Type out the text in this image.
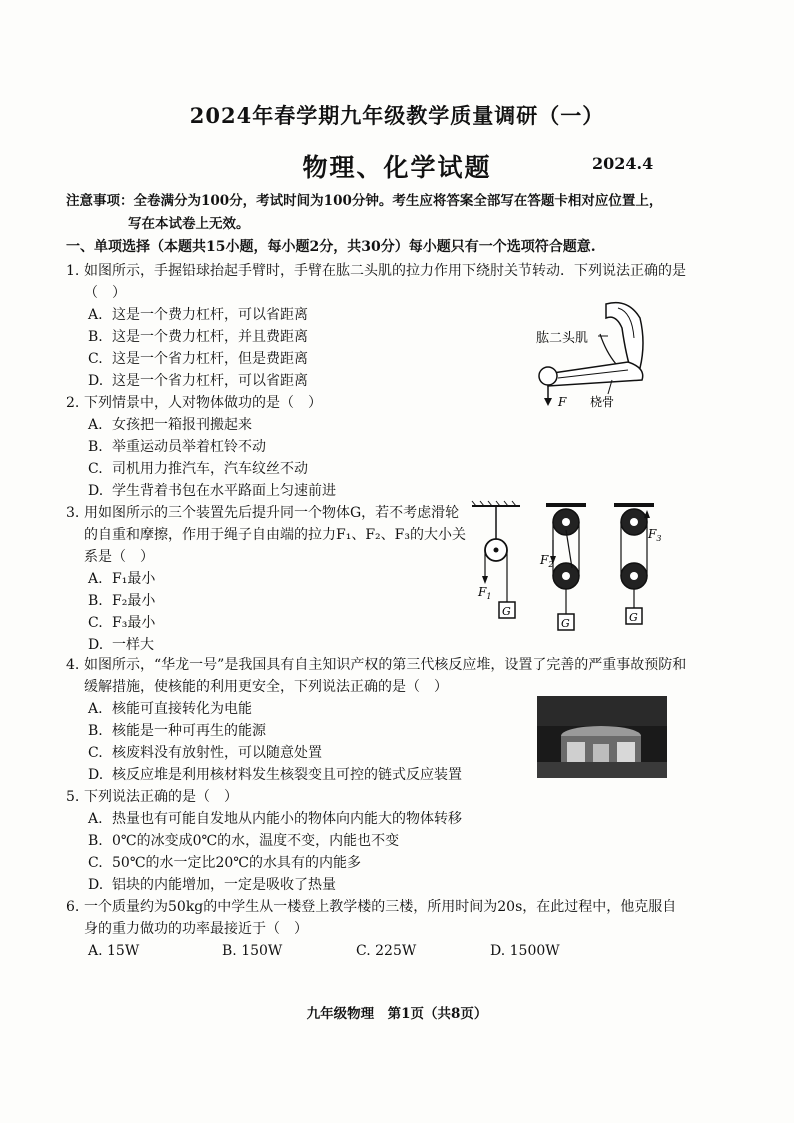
2024年春学期九年级教学质量调研（一）
物理、化学试题	2024.4
注意事项：全卷满分为100分，考试时间为100分钟。考生应将答案全部写在答题卡相对应位置上，
写在本试卷上无效。
一、单项选择（本题共15小题，每小题2分，共30分）每小题只有一个选项符合题意.
1. 如图所示，手握铅球抬起手臂时，手臂在肱二头肌的拉力作用下绕肘关节转动．下列说法正确的是（　）
A. 这是一个费力杠杆，可以省距离
B. 这是一个费力杠杆，并且费距离
C. 这是一个省力杠杆，但是费距离
D. 这是一个省力杠杆，可以省距离
肱二头肌
F 桡骨
2. 下列情景中，人对物体做功的是（　）
A. 女孩把一箱报刊搬起来
B. 举重运动员举着杠铃不动
C. 司机用力推汽车，汽车纹丝不动
D. 学生背着书包在水平路面上匀速前进
3. 用如图所示的三个装置先后提升同一个物体G，若不考虑滑轮的自重和摩擦，作用于绳子自由端的拉力F₁、F₂、F₃的大小关系是（　）
A. F₁最小
B. F₂最小
C. F₃最小
D. 一样大
G
$F_1$
G
$F_2$
G
$F_3$
4. 如图所示，“华龙一号”是我国具有自主知识产权的第三代核反应堆，设置了完善的严重事故预防和缓解措施，使核能的利用更安全，下列说法正确的是（　）
A. 核能可直接转化为电能
B. 核能是一种可再生的能源
C. 核废料没有放射性，可以随意处置
D. 核反应堆是利用核材料发生核裂变且可控的链式反应装置
5. 下列说法正确的是（　）
A. 热量也有可能自发地从内能小的物体向内能大的物体转移
B. 0℃的冰变成0℃的水，温度不变，内能也不变
C. 50℃的水一定比20℃的水具有的内能多
D. 铝块的内能增加，一定是吸收了热量
6. 一个质量约为50kg的中学生从一楼登上教学楼的三楼，所用时间为20s，在此过程中，他克服自身的重力做功的功率最接近于（　）
A. 15W	B. 150W	C. 225W	D. 1500W
九年级物理　第1页（共8页）
